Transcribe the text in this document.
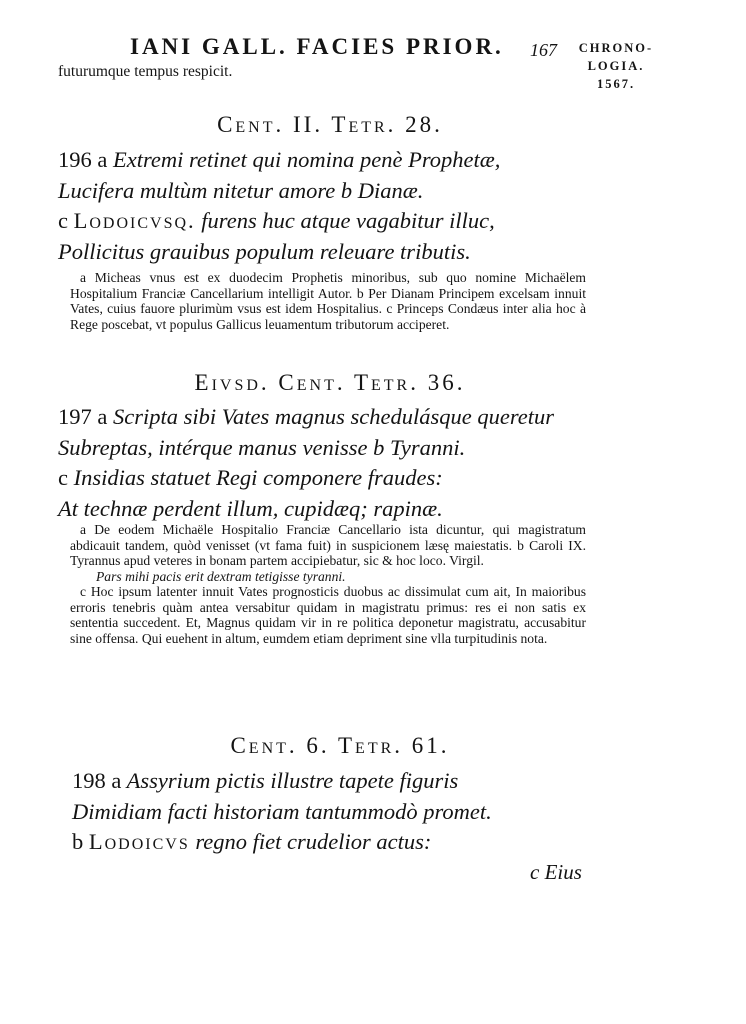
IANI GALL. FACIES PRIOR. 167	CHRONO-
LOGIA.
1567.
futurumque tempus respicit.
Cent. II. Tetr. 28.
196 a Extremi retinet qui nomina penè Prophetæ,
Lucifera multùm nitetur amore b Dianæ.
c Lodoicvsq. furens huc atque vagabitur illuc,
Pollicitus grauibus populum releuare tributis.

a Micheas vnus est ex duodecim Prophetis minoribus, sub quo nomine Michaëlem Hospitalium Franciæ Cancellarium intelligit Autor. b Per Dianam Principem excelsam innuit Vates, cuius fauore plurimùm vsus est idem Hospitalius. c Princeps Condæus inter alia hoc à Rege poscebat, vt populus Gallicus leuamentum tributorum acciperet.

Eivsd. Cent. Tetr. 36.
197 a Scripta sibi Vates magnus schedulásque queretur
Subreptas, intérque manus venisse b Tyranni.
c Insidias statuet Regi componere fraudes:
At technæ perdent illum, cupidæq; rapinæ.

a De eodem Michaële Hospitalio Franciæ Cancellario ista dicuntur, qui magistratum abdicauit tandem, quòd venisset (vt fama fuit) in suspicionem læsę maiestatis. b Caroli IX. Tyrannus apud veteres in bonam partem accipiebatur, sic & hoc loco. Virgil.

Pars mihi pacis erit dextram tetigisse tyranni.

c Hoc ipsum latenter innuit Vates prognosticis duobus ac dissimulat cum ait, In maioribus erroris tenebris quàm antea versabitur quidam in magistratu primus: res ei non satis ex sententia succedent. Et, Magnus quidam vir in re politica deponetur magistratu, accusabitur sine offensa. Qui euehent in altum, eumdem etiam depriment sine vlla turpitudinis nota.

Cent. 6. Tetr. 61.
198 a Assyrium pictis illustre tapete figuris
Dimidiam facti historiam tantummodò promet.
b Lodoicvs regno fiet crudelior actus:
c Eius
